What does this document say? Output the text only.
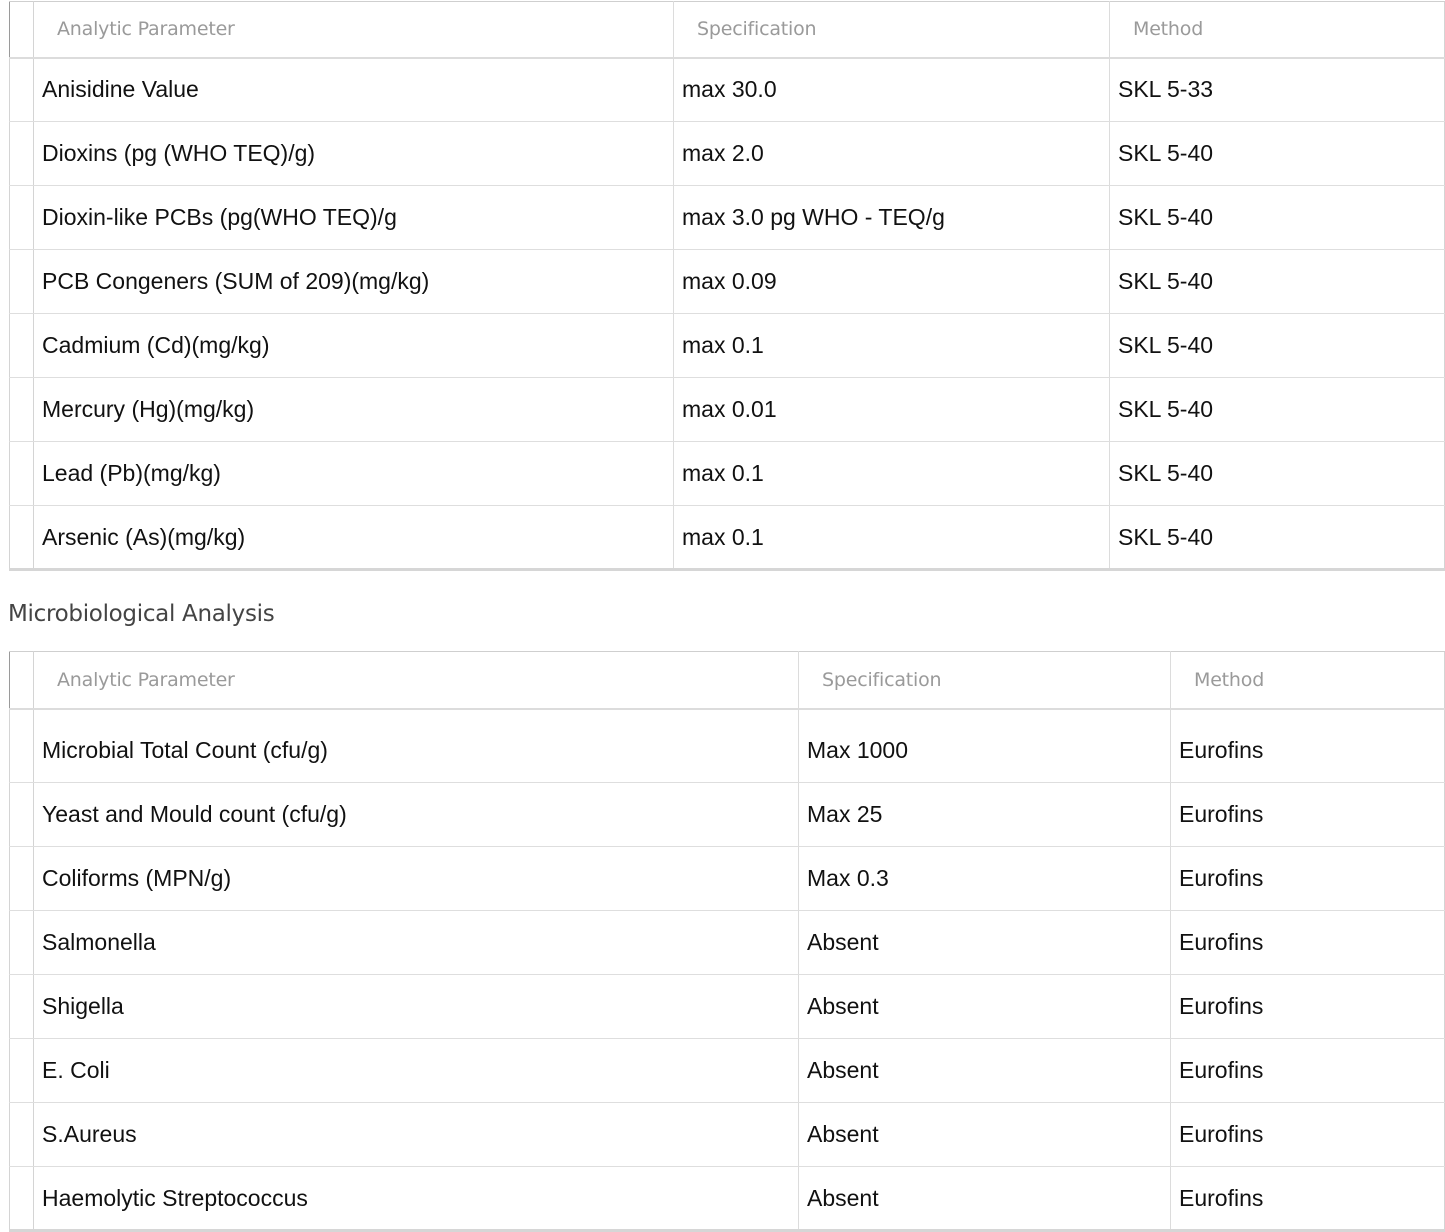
	Analytic Parameter	Specification	Method
	Anisidine Value	max 30.0	SKL 5-33
	Dioxins (pg (WHO TEQ)/g)	max 2.0	SKL 5-40
	Dioxin-like PCBs (pg(WHO TEQ)/g	max 3.0 pg WHO - TEQ/g	SKL 5-40
	PCB Congeners (SUM of 209)(mg/kg)	max 0.09	SKL 5-40
	Cadmium (Cd)(mg/kg)	max 0.1	SKL 5-40
	Mercury (Hg)(mg/kg)	max 0.01	SKL 5-40
	Lead (Pb)(mg/kg)	max 0.1	SKL 5-40
	Arsenic (As)(mg/kg)	max 0.1	SKL 5-40
Microbiological Analysis
	Analytic Parameter	Specification	Method

	Microbial Total Count (cfu/g)	Max 1000	Eurofins
	Yeast and Mould count (cfu/g)	Max 25	Eurofins
	Coliforms (MPN/g)	Max 0.3	Eurofins
	Salmonella	Absent	Eurofins
	Shigella	Absent	Eurofins
	E. Coli	Absent	Eurofins
	S.Aureus	Absent	Eurofins
	Haemolytic Streptococcus	Absent	Eurofins
